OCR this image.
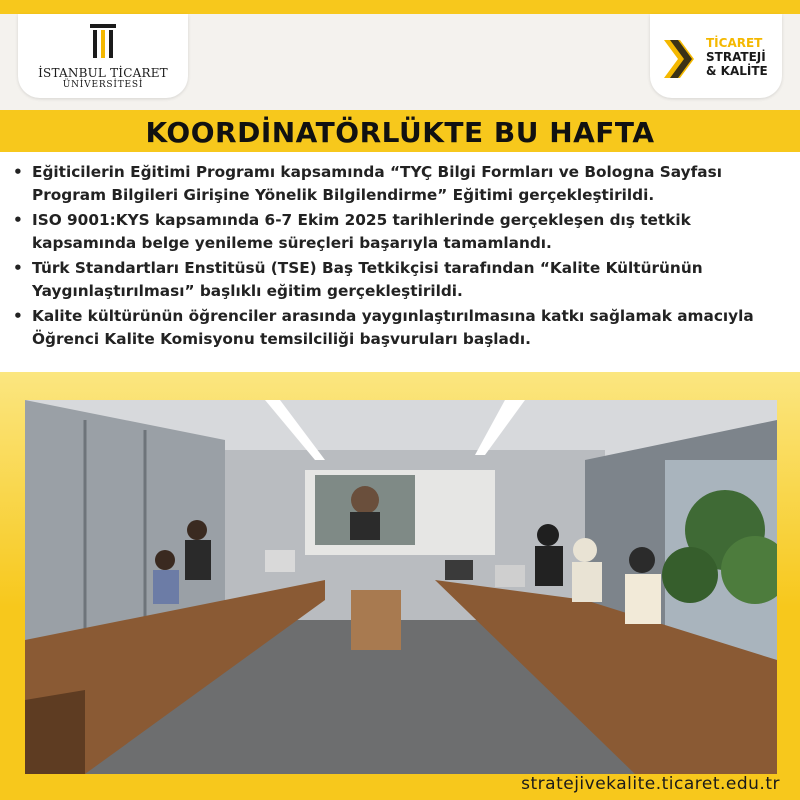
İSTANBUL TİCARET
ÜNİVERSİTESİ
TİCARET
STRATEJİ
& KALİTE
KOORDİNATÖRLÜKTE BU HAFTA
• Eğiticilerin Eğitimi Programı kapsamında “TYÇ Bilgi Formları ve Bologna Sayfası Program Bilgileri Girişine Yönelik Bilgilendirme” Eğitimi gerçekleştirildi.
• ISO 9001:KYS kapsamında 6-7 Ekim 2025 tarihlerinde gerçekleşen dış tetkik kapsamında belge yenileme süreçleri başarıyla tamamlandı.
• Türk Standartları Enstitüsü (TSE) Baş Tetkikçisi tarafından “Kalite Kültürünün Yaygınlaştırılması” başlıklı eğitim gerçekleştirildi.
• Kalite kültürünün öğrenciler arasında yaygınlaştırılmasına katkı sağlamak amacıyla Öğrenci Kalite Komisyonu temsilciliği başvuruları başladı.
stratejivekalite.ticaret.edu.tr
